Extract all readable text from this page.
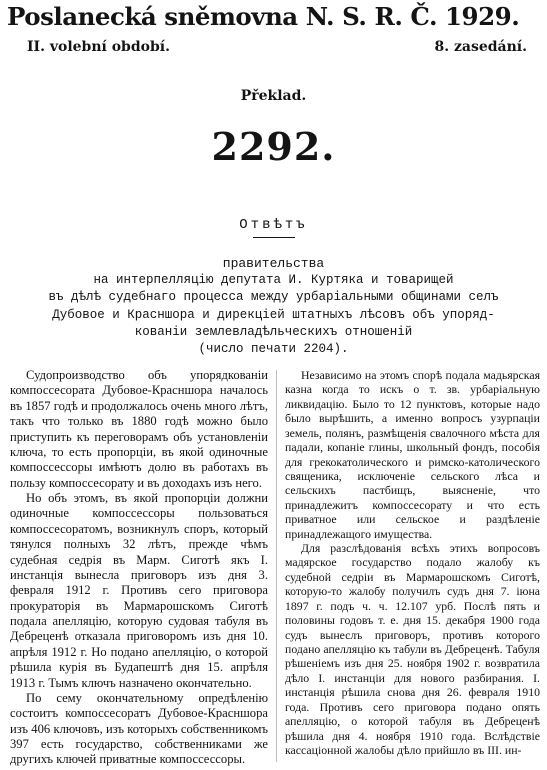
Poslanecká sněmovna N. S. R. Č. 1929.
II. volební období.	8. zasedání.
Překlad.
2292.
Отвѣтъ
правительства
на интерпелляцію депутата И. Куртяка и товарищей
въ дѣлѣ судебнаго процесса между урбаріальными общинами селъ
Дубовое и Красншора и дирекціей штатныхъ лѣсовъ объ упоряд-
кованіи землевладѣльческихъ отношеній
(число печати 2204).

Судопроизводство объ упорядкованіи компоссесората Дубовое-Красншора началось въ 1857 годѣ и продолжалось очень много лѣтъ, такъ что только въ 1880 годѣ можно было приступить къ переговорамъ объ установленіи ключа, то есть пропорціи, въ якой одиночные компоссессоры имѣютъ долю въ работахъ въ пользу компоссесорату и въ доходахъ изъ него.

Но объ этомъ, въ якой пропорціи должни одиночные компоссессоры пользоваться компоссесоратомъ, возникнулъ споръ, который тянулся полныхъ 32 лѣтъ, прежде чѣмъ судебная седрія въ Марм. Сиготѣ якъ I. инстанція вынесла приговоръ изъ дня 3. февраля 1912 г. Противъ сего приговора прокураторія въ Мармарошскомъ Сиготѣ подала апелляцію, которую судовая табуля въ Дебреценѣ отказала приговоромъ изъ дня 10. апрѣля 1912 г. Но подано апелляцію, о которой рѣшила курія въ Будапештѣ дня 15. апрѣля 1913 г. Тымъ ключъ назначено окончательно.

По сему окончательному опредѣленію состоитъ компоссесоратъ Дубовое-Красншора изъ 406 ключовъ, изъ которыхъ собственникомъ 397 есть государство, собственниками же другихъ ключей приватные компоссессоры.

Независимо на этомъ спорѣ подала мадьярская казна когда то искъ о т. зв. урбаріальную ликвидацію. Было то 12 пунктовъ, которые надо было вырѣшить, а именно вопросъ узурпаціи земель, полянъ, размѣщенія свалочного мѣста для падали, копаніе глины, школьный фондъ, пособія для грекокатолического и римско-католического священика, исключеніе сельского лѣса и сельскихъ пастбищъ, выясненіе, что принадлежитъ компоссесорату и что есть приватное или сельское и раздѣленіе принадлежащого имущества.

Для разслѣдованія всѣхъ этихъ вопросовъ мадярское государство подало жалобу къ судебной седріи въ Мармарошскомъ Сиготѣ, которую-то жалобу получилъ судъ дня 7. іюна 1897 г. подъ ч. ч. 12.107 урб. Послѣ пять и половины годовъ т. е. дня 15. декабря 1900 года судъ вынеслъ приговоръ, противъ которого подано апелляцію къ табули въ Дебреценѣ. Табуля рѣшеніемъ изъ дня 25. ноября 1902 г. возвратила дѣло I. инстанціи для нового разбирания. I. инстанція рѣшила снова дня 26. февраля 1910 года. Противъ сего приговора подано опять апелляцію, о которой табуля въ Дебреценѣ рѣшила дня 4. ноября 1910 года. Вслѣдствіе кассаціонной жалобы дѣло прийшло въ III. ин-
